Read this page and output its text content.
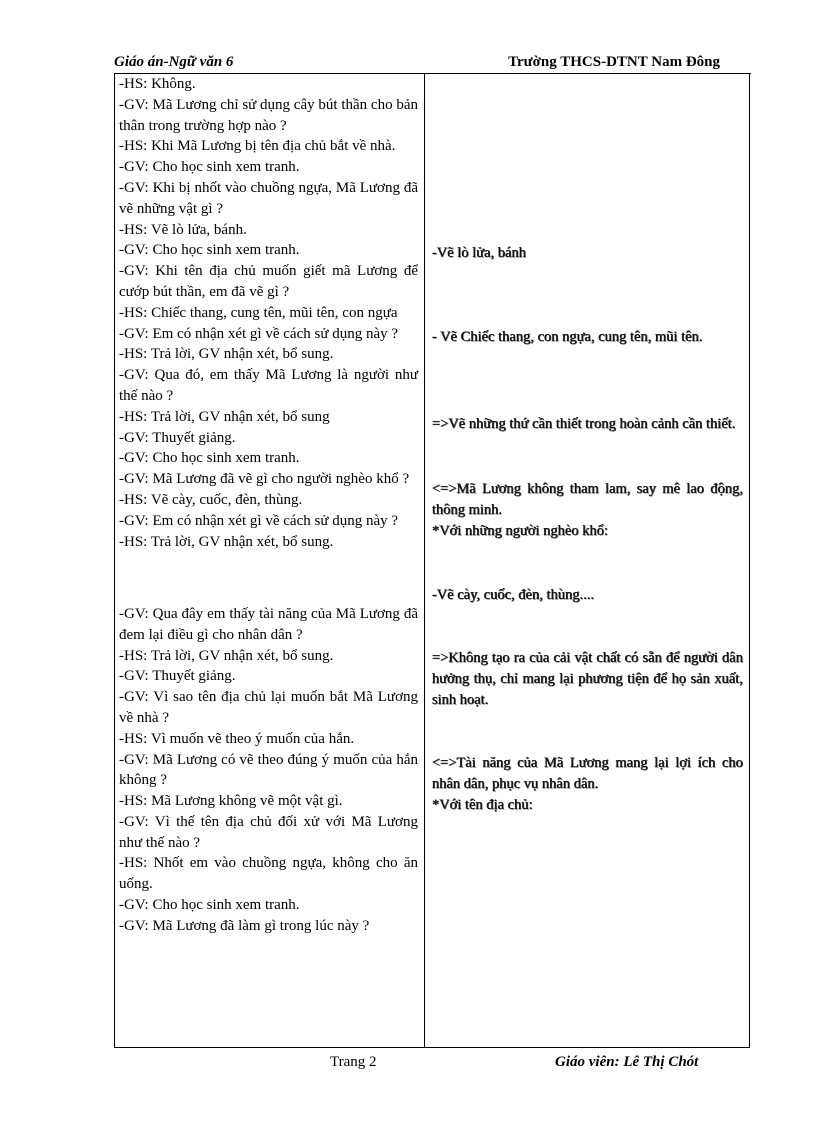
Giáo án-Ngữ văn 6	Trường THCS-DTNT Nam Đông
-HS: Không.
-GV: Mã Lương chỉ sử dụng cây bút thần cho bản thân trong trường hợp nào ?
-HS: Khi Mã Lương bị tên địa chủ bắt về nhà.
-GV: Cho học sinh xem tranh.
-GV: Khi bị nhốt vào chuồng ngựa, Mã Lương đã vẽ những vật gì ?
-HS: Vẽ lò lửa, bánh.
-GV: Cho học sinh xem tranh.
-GV: Khi tên địa chủ muốn giết mã Lương để cướp bút thần, em đã vẽ gì ?
-HS: Chiếc thang, cung tên, mũi tên, con ngựa
-GV: Em có nhận xét gì về cách sử dụng này ?
-HS: Trả lời, GV nhận xét, bổ sung.
-GV: Qua đó, em thấy Mã Lương là người như thế nào ?
-HS: Trả lời, GV nhận xét, bổ sung
-GV: Thuyết giảng.
-GV: Cho học sinh xem tranh.
-GV: Mã Lương đã vẽ gì cho người nghèo khổ ?
-HS: Vẽ cày, cuốc, đèn, thùng.
-GV: Em có nhận xét gì về cách sử dụng này ?
-HS: Trả lời, GV nhận xét, bổ sung.
-GV: Qua đây em thấy tài năng của Mã Lương đã đem lại điều gì cho nhân dân ?
-HS: Trả lời, GV nhận xét, bổ sung.
-GV: Thuyết giảng.
-GV: Vì sao tên địa chủ lại muốn bắt Mã Lương về nhà ?
-HS: Vì muốn vẽ theo ý muốn của hắn.
-GV: Mã Lương có vẽ theo đúng ý muốn của hắn không ?
-HS: Mã Lương không vẽ một vật gì.
-GV: Vì thế tên địa chủ đối xử với Mã Lương như thế nào ?
-HS: Nhốt em vào chuồng ngựa, không cho ăn uống.
-GV: Cho học sinh xem tranh.
-GV: Mã Lương đã làm gì trong lúc này ?
-Vẽ lò lửa, bánh
- Vẽ Chiếc thang, con ngựa, cung tên, mũi tên.
=>Vẽ những thứ cần thiết trong hoàn cảnh cần thiết.
<=>Mã Lương không tham lam, say mê lao động, thông minh.
*Với những người nghèo khổ:
-Vẽ cày, cuốc, đèn, thùng....
=>Không tạo ra của cải vật chất có sẵn để người dân hưởng thụ, chỉ mang lại phương tiện để họ sản xuất, sinh hoạt.
<=>Tài năng của Mã Lương mang lại lợi ích cho nhân dân, phục vụ nhân dân.
*Với tên địa chủ:
Trang 2	Giáo viên: Lê Thị Chót
